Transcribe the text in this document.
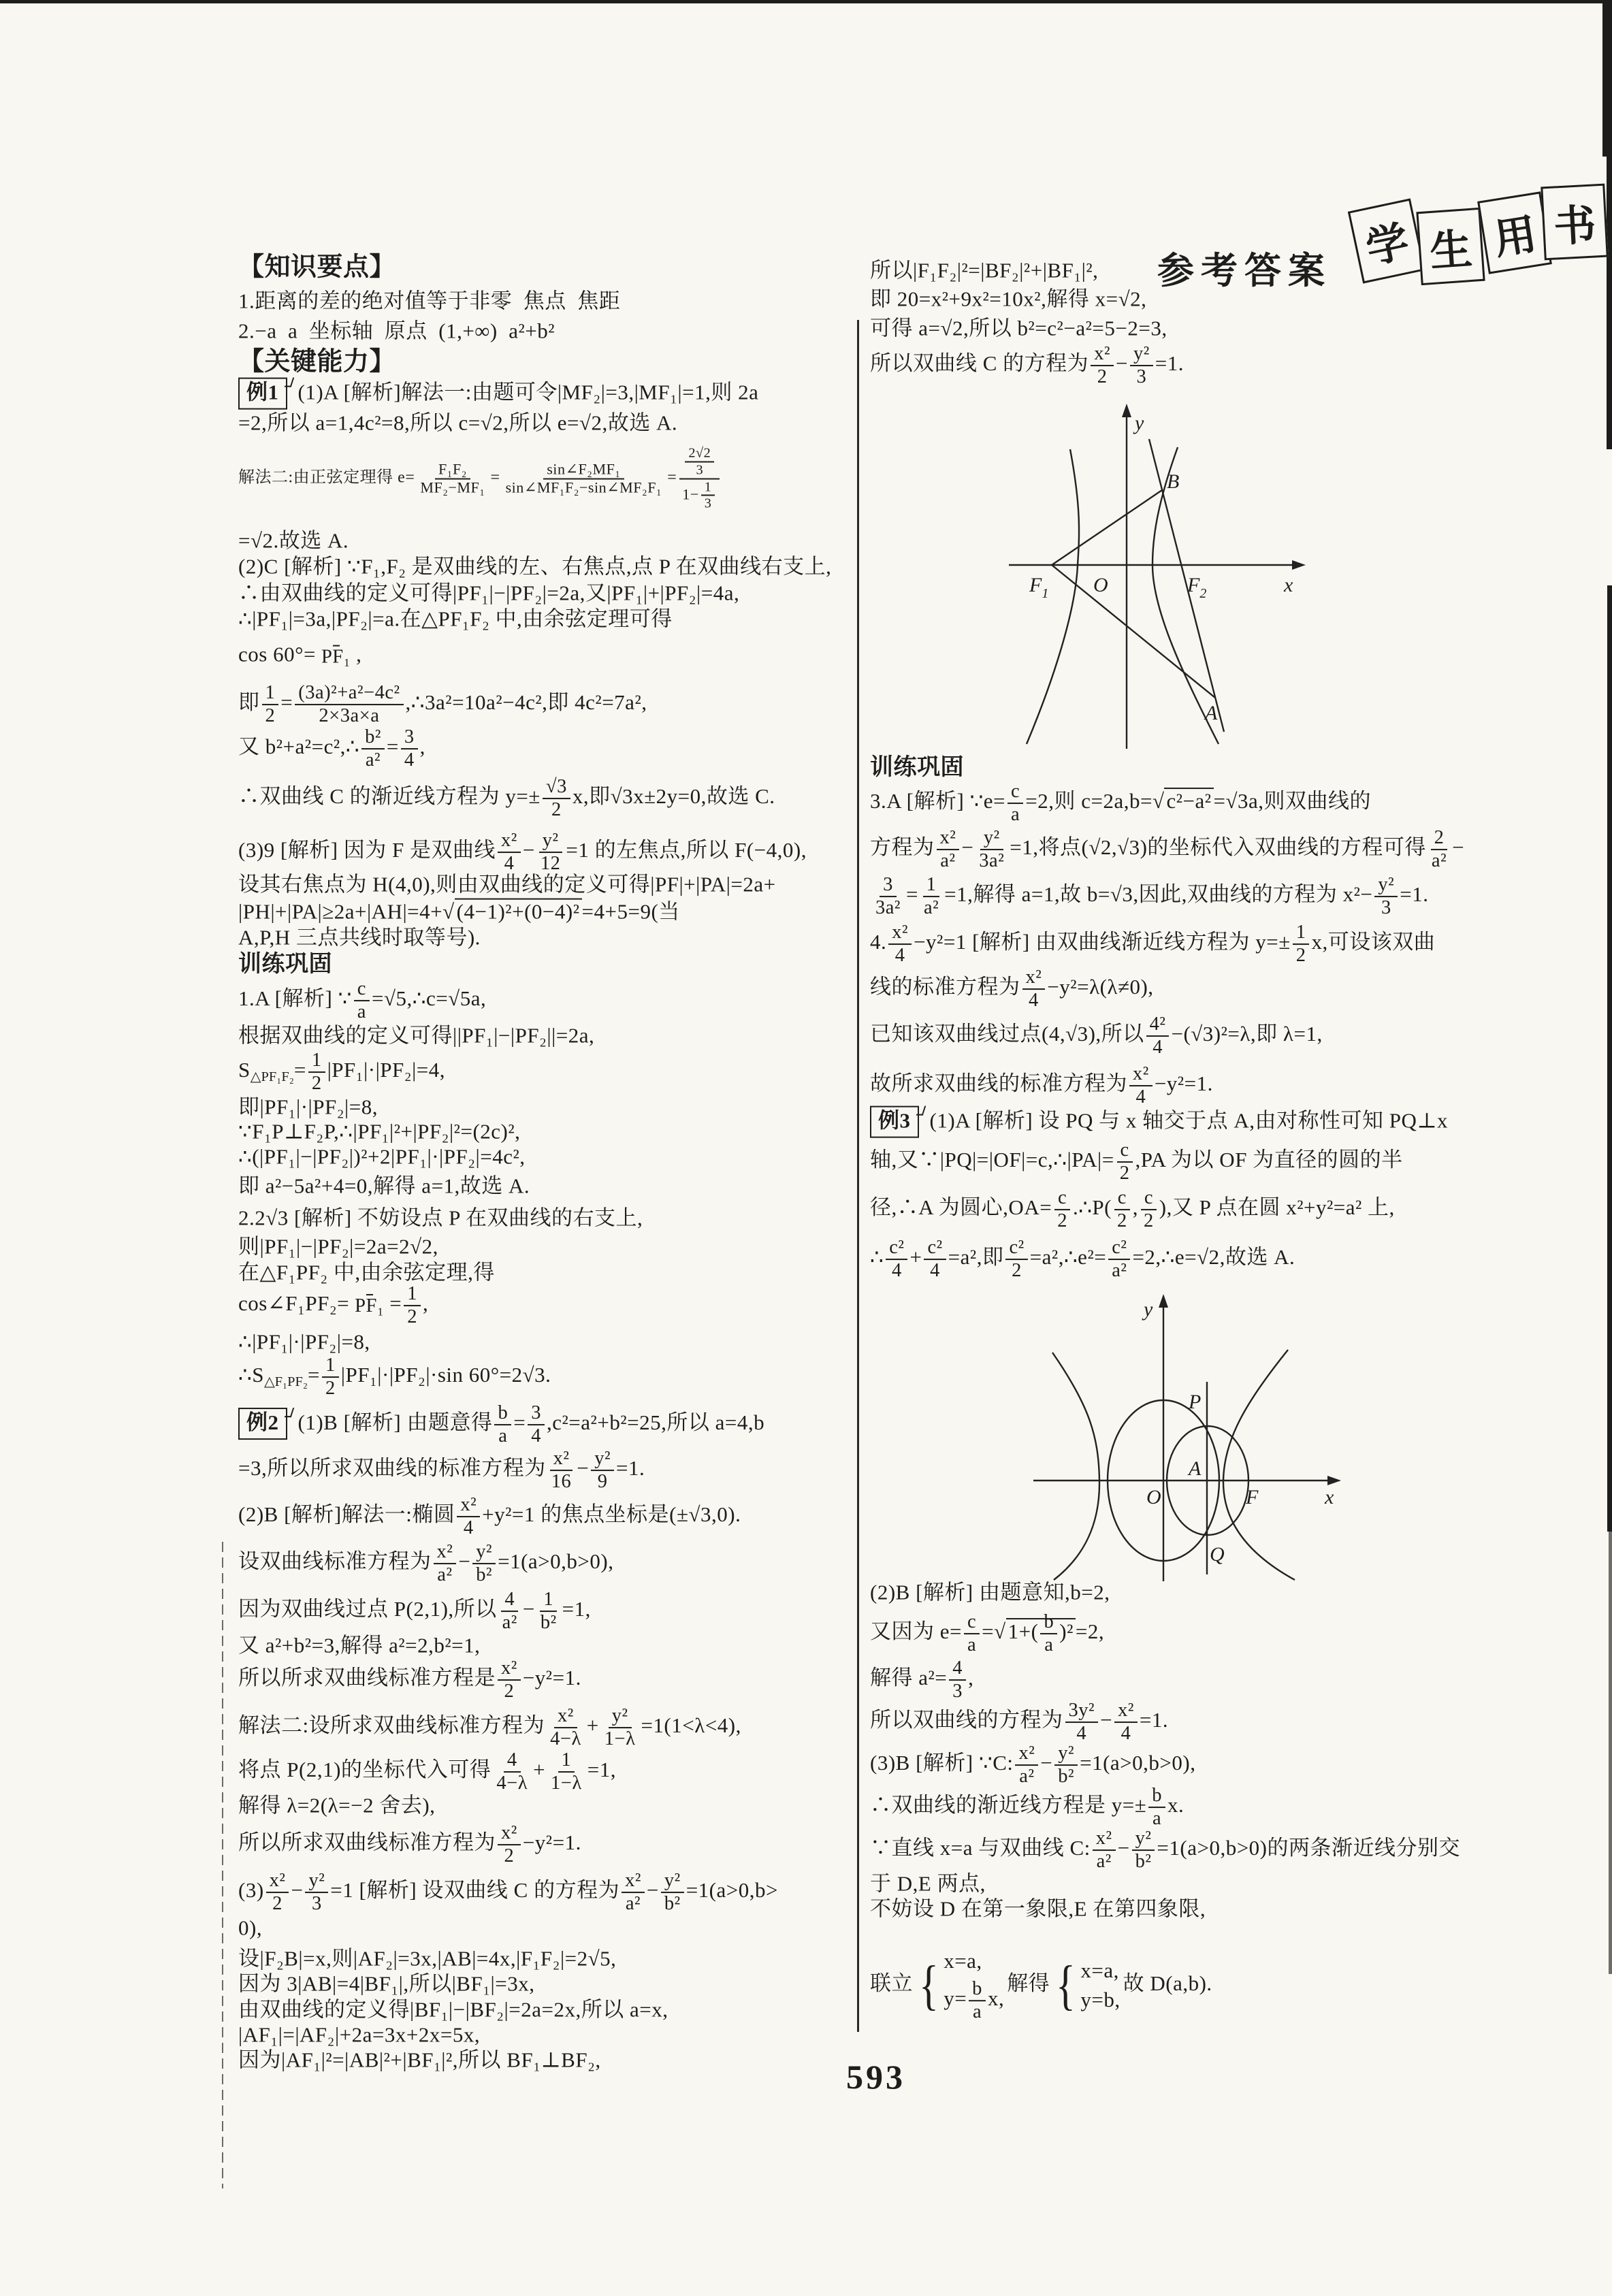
参考答案 学 生 用 书
y
x
B
A
O
$F_1$	$F_2$
y
x
P
A
Q
O	F
593
【知识要点】
1.距离的差的绝对值等于非零  焦点  焦距
2.−a  a  坐标轴  原点  (1,+∞)  a²+b²
【关键能力】
例1 (1)A [解析]解法一:由题可令|MF₂|=3,|MF₁|=1,则 2a
=2,所以 a=1,4c²=8,所以 c=√2,所以 e=√2,故选 A.
解法二:由正弦定理得 $e= \frac{\text{F₁F₂}}{\text{MF₂−MF₁}} = \frac{\text{sin∠F₂MF₁}}{\text{sin∠MF₁F₂−sin∠MF₂F₁}} = \frac{\frac{2√2}{3}}{1- \frac{1}{3}}$
=√2.故选 A.
(2)C [解析] ∵F₁,F₂ 是双曲线的左、右焦点,点 P 在双曲线右支上,
∴由双曲线的定义可得|PF₁|−|PF₂|=2a,又|PF₁|+|PF₂|=4a,
∴|PF₁|=3a,|PF₂|=a.在△PF₁F₂ 中,由余弦定理可得
cos 60°= PF₁ ,
即 $\frac{1}{2} = \frac{\text{(3a)²+a²−4c²}}{2\times 3a\times a}$ ,∴3a²=10a²−4c²,即 4c²=7a²,
又 b²+a²=c²,∴ $\frac{\text{b²}}{\text{a²}} = \frac{3}{4}$ ,
∴双曲线 C 的渐近线方程为 $y=\pm \frac{√3}{2} x$,即√3x±2y=0,故选 C.
(3)9 [解析] 因为 F 是双曲线 $\frac{\text{x²}}{4} - \frac{\text{y²}}{12} =1$ 的左焦点,所以 F(−4,0),
设其右焦点为 H(4,0),则由双曲线的定义可得|PF|+|PA|=2a+
|PH|+|PA|≥2a+|AH|=4+√(4−1)²+(0−4)²=4+5=9(当
A,P,H 三点共线时取等号).
训练巩固
1.A [解析] ∵ $\frac{c}{a}$ =√5,∴c=√5a,
根据双曲线的定义可得||PF₁|−|PF₂||=2a,
S△PF₁F₂= $\frac{1}{2} |PF_1|\cdot|PF_2|=4$,
即|PF₁|·|PF₂|=8,
∵F₁P⊥F₂P,∴|PF₁|²+|PF₂|²=(2c)²,
∴(|PF₁|−|PF₂|)²+2|PF₁|·|PF₂|=4c²,
即 a²−5a²+4=0,解得 a=1,故选 A.
2.2√3 [解析] 不妨设点 P 在双曲线的右支上,
则|PF₁|−|PF₂|=2a=2√2,
在△F₁PF₂ 中,由余弦定理,得
cos∠F₁PF₂= $PF_1 = \frac{1}{2}$ ,
∴|PF₁|·|PF₂|=8,
∴S△F₁PF₂= $\frac{1}{2} |PF_1|\cdot|PF_2|\cdot\sin$ 60°=2√3.
例2 (1)B [解析] 由题意得 $\frac{b}{a} = \frac{3}{4} ,c^2=a^2+b^2=25$,所以 a=4,b
=3,所以所求双曲线的标准方程为 $\frac{\text{x²}}{16} - \frac{\text{y²}}{9} =1$.
(2)B [解析]解法一:椭圆 $\frac{\text{x²}}{4} +y^2=1$ 的焦点坐标是(±√3,0).
设双曲线标准方程为 $\frac{\text{x²}}{\text{a²}} - \frac{\text{y²}}{\text{b²}} =1(a>0,b>0)$,
因为双曲线过点 P(2,1),所以 $\frac{4}{\text{a²}} - \frac{1}{\text{b²}} =1$,
又 a²+b²=3,解得 a²=2,b²=1,
所以所求双曲线标准方程是 $\frac{\text{x²}}{2} -y^2=1$.
解法二:设所求双曲线标准方程为 $\frac{\text{x²}}{4-\lambda} + \frac{\text{y²}}{1-\lambda} =1(1<\lambda<4)$,
将点 P(2,1)的坐标代入可得 $\frac{4}{4-\lambda} + \frac{1}{1-\lambda} =1$,
解得 λ=2(λ=−2 舍去),
所以所求双曲线标准方程为 $\frac{\text{x²}}{2} -y^2=1$.
$(3) \frac{\text{x²}}{2} - \frac{\text{y²}}{3} =1$ [解析] 设双曲线 C 的方程为 $\frac{\text{x²}}{\text{a²}} - \frac{\text{y²}}{\text{b²}} =1(a>0,b>$
0),
设|F₂B|=x,则|AF₂|=3x,|AB|=4x,|F₁F₂|=2√5,
因为 3|AB|=4|BF₁|,所以|BF₁|=3x,
由双曲线的定义得|BF₁|−|BF₂|=2a=2x,所以 a=x,
|AF₁|=|AF₂|+2a=3x+2x=5x,
因为|AF₁|²=|AB|²+|BF₁|²,所以 BF₁⊥BF₂,
所以|F₁F₂|²=|BF₂|²+|BF₁|²,
即 20=x²+9x²=10x²,解得 x=√2,
可得 a=√2,所以 b²=c²−a²=5−2=3,
所以双曲线 C 的方程为 $\frac{\text{x²}}{2} - \frac{\text{y²}}{3} =1$.
训练巩固
3.A [解析] ∵e= $\frac{c}{a} =2$,则 c=2a,b=√c²−a²=√3a,则双曲线的
方程为 $\frac{\text{x²}}{\text{a²}} - \frac{\text{y²}}{\text{3a²}} =1$,将点(√2,√3)的坐标代入双曲线的方程可得 $\frac{2}{\text{a²}}$ −
$\frac{3}{\text{3a²}} = \frac{1}{\text{a²}} =1$,解得 a=1,故 b=√3,因此,双曲线的方程为 $x^2- \frac{\text{y²}}{3} =1$.
4. $\frac{\text{x²}}{4} -y^2=1$ [解析] 由双曲线渐近线方程为 $y=\pm \frac{1}{2} x$,可设该双曲
线的标准方程为 $\frac{\text{x²}}{4} -y^2=\lambda(\lambda\ne 0)$,
已知该双曲线过点(4,√3),所以 $\frac{\text{4²}}{4} -(√3)^2=\lambda$,即 λ=1,
故所求双曲线的标准方程为 $\frac{\text{x²}}{4} -y^2=1$.
例3 (1)A [解析] 设 PQ 与 x 轴交于点 A,由对称性可知 PQ⊥x
轴,又∵|PQ|=|OF|=c,∴|PA|= $\frac{c}{2} ,PA$ 为以 OF 为直径的圆的半
径,∴A 为圆心$,OA= \frac{c}{2}$ .∴P( $\frac{c}{2}$ , $\frac{c}{2}$ ),又 P 点在圆 x²+y²=a² 上,
∴ $\frac{\text{c²}}{4} + \frac{\text{c²}}{4} =a^2$,即 $\frac{\text{c²}}{2}$ =a²,∴e²= $\frac{\text{c²}}{\text{a²}}$ =2,∴e=√2,故选 A.
(2)B [解析] 由题意知,b=2,
又因为 $e= \frac{c}{a} =√1+( \frac{b}{a} )^2=2$,
解得 $a^2= \frac{4}{3}$ ,
所以双曲线的方程为 $\frac{\text{3y²}}{4} - \frac{\text{x²}}{4} =1$.
(3)B [解析] ∵C: $\frac{\text{x²}}{\text{a²}} - \frac{\text{y²}}{\text{b²}} =1(a>0,b>0)$,
∴双曲线的渐近线方程是 $y=\pm \frac{b}{a} x$.
∵直线 x=a 与双曲线 C: $\frac{\text{x²}}{\text{a²}} - \frac{\text{y²}}{\text{b²}} =1(a>0,b>0)$的两条渐近线分别交
于 D,E 两点,
不妨设 D 在第一象限,E 在第四象限,
联立 { x=a,
$y= \frac{b}{a} x$,
解得 { x=a,
y=b,
故 D(a,b).
